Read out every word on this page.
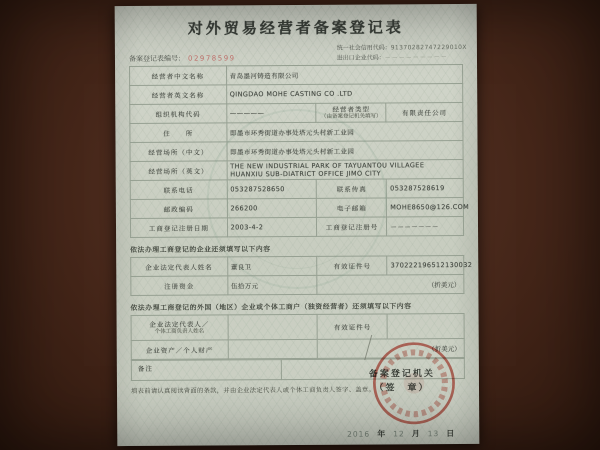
对外贸易经营者备案登记表
备案登记表编号： 02978599
统一社会信用代码：91370282747229010X
进出口企业代码：－－－－－－－－－
经营者中文名称	青岛墨河铸造有限公司		
经营者英文名称	QINGDAO MOHE CASTING CO .LTD		
组织机构代码	—————	经营者类型
（由备案登记机关填写）	有限责任公司
住　　所	即墨市环秀街道办事处塔元头村新工业园		
经营场所（中文）	即墨市环秀街道办事处塔元头村新工业园		
经营场所（英文）	THE NEW INDUSTRIAL PARK OF TAYUANTOU VILLAGEE HUANXIU SUB-DIATRICT OFFICE JIMO CITY		
联系电话	053287528650	联系传真	053287528619
邮政编码	266200	电子邮箱	MOHE8650@126.COM
工商登记注册日期	2003-4-2	工商登记注册号	－－－－－－－
依法办理工商登记的企业还须填写以下内容
企业法定代表人姓名	董良卫	有效证件号	370222196512130032
注册资金	伍拾万元	（折美元）	
依法办理工商登记的外国（地区）企业或个体工商户（独资经营者）还须填写以下内容
企业法定代表人／
个体工商负责人姓名		有效证件号	
企业资产／个人财产		（折美元）	
备注	
填表前请认真阅读背面的条款，并由企业法定代表人或个体工商负责人签字、盖章。
备案登记机关
（签　章）
2016 年 12 月 13 日
